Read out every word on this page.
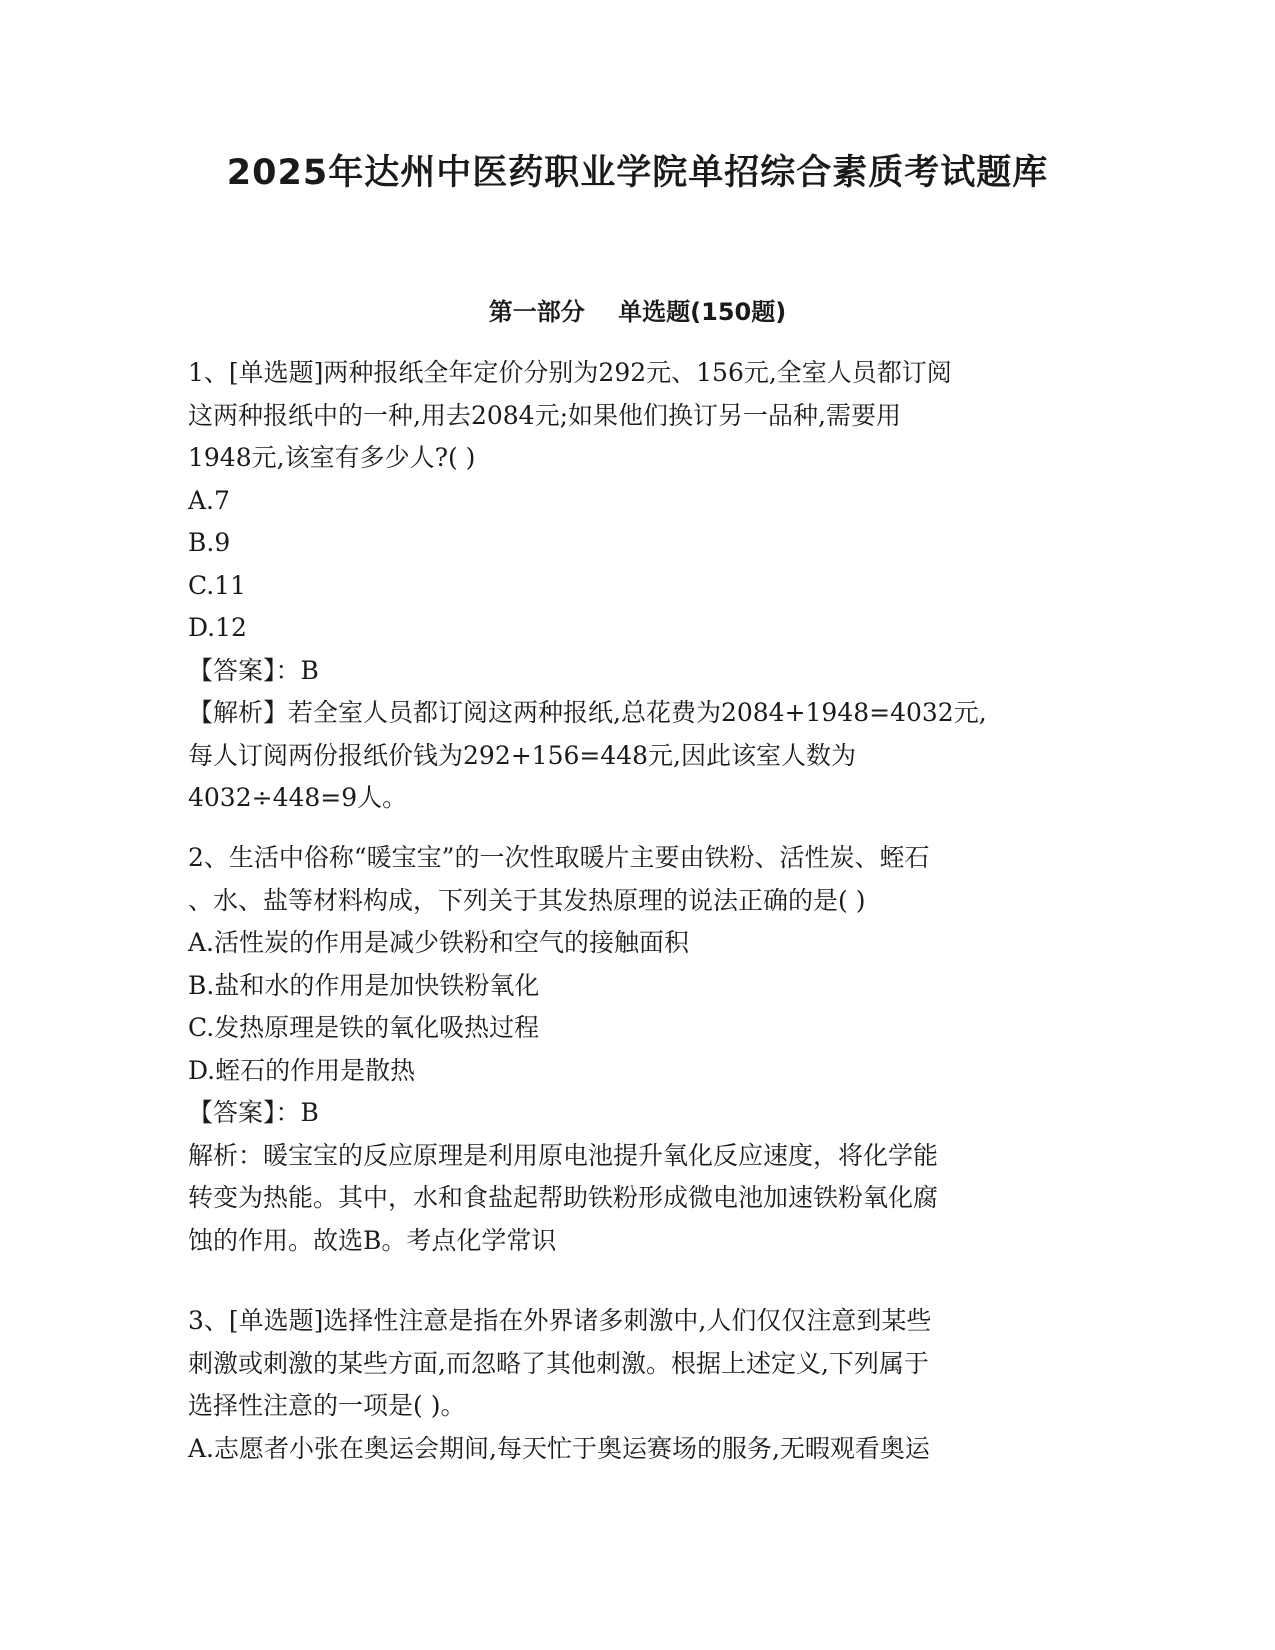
2025年达州中医药职业学院单招综合素质考试题库
第一部分    单选题(150题)
1、[单选题]两种报纸全年定价分别为292元、156元,全室人员都订阅
这两种报纸中的一种,用去2084元;如果他们换订另一品种,需要用
1948元,该室有多少人?( )
A.7
B.9
C.11
D.12
【答案】：B
【解析】若全室人员都订阅这两种报纸,总花费为2084+1948=4032元,
每人订阅两份报纸价钱为292+156=448元,因此该室人数为
4032÷448=9人。
2、生活中俗称“暖宝宝”的一次性取暖片主要由铁粉、活性炭、蛭石
、水、盐等材料构成，下列关于其发热原理的说法正确的是( )
A.活性炭的作用是减少铁粉和空气的接触面积
B.盐和水的作用是加快铁粉氧化
C.发热原理是铁的氧化吸热过程
D.蛭石的作用是散热
【答案】：B
解析：暖宝宝的反应原理是利用原电池提升氧化反应速度，将化学能
转变为热能。其中，水和食盐起帮助铁粉形成微电池加速铁粉氧化腐
蚀的作用。故选B。考点化学常识
3、[单选题]选择性注意是指在外界诸多刺激中,人们仅仅注意到某些
刺激或刺激的某些方面,而忽略了其他刺激。根据上述定义,下列属于
选择性注意的一项是( )。
A.志愿者小张在奥运会期间,每天忙于奥运赛场的服务,无暇观看奥运
